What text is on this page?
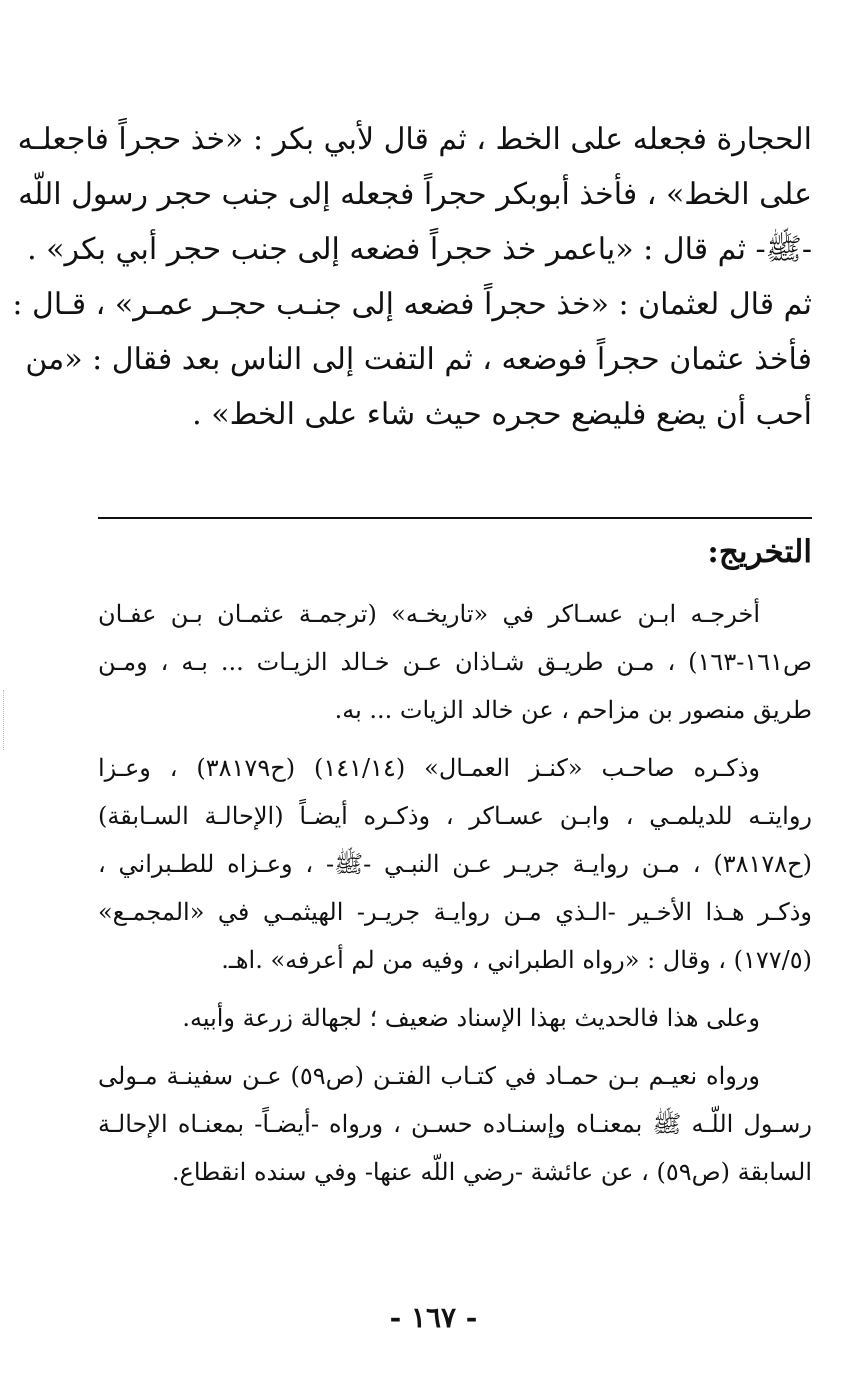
الحجارة فجعله على الخط ، ثم قال لأبي بكر : «خذ حجراً فاجعلـه
على الخط» ، فأخذ أبوبكر حجراً فجعله إلى جنب حجر رسول اللّه
-ﷺ- ثم قال : «ياعمر خذ حجراً فضعه إلى جنب حجر أبي بكر» .
ثم قال لعثمان : «خذ حجراً فضعه إلى جنـب حجـر عمـر» ، قـال :
فأخذ عثمان حجراً فوضعه ، ثم التفت إلى الناس بعد فقال : «من
أحب أن يضع فليضع حجره حيث شاء على الخط» .
التخريج:
أخرجـه ابـن عسـاكر في «تاريخـه» (ترجمـة عثمـان بـن عفـان
ص١٦١-١٦٣) ، مـن طريـق شـاذان عـن خـالد الزيـات ... بـه ، ومـن
طريق منصور بن مزاحم ، عن خالد الزيات ... به.
وذكـره صاحـب «كنـز العمـال» (١٤١/١٤) (ح٣٨١٧٩) ، وعـزا
روايتـه للديلمـي ، وابـن عسـاكر ، وذكـره أيضـاً (الإحالـة السـابقة)
(ح٣٨١٧٨) ، مـن روايـة جريـر عـن النبـي -ﷺ- ، وعـزاه للطـبراني ،
وذكـر هـذا الأخـير -الـذي مـن روايـة جريـر- الهيثمـي في «المجمـع»
(١٧٧/٥) ، وقال : «رواه الطبراني ، وفيه من لم أعرفه» .اهـ.
وعلى هذا فالحديث بهذا الإسناد ضعيف ؛ لجهالة زرعة وأبيه.
ورواه نعيـم بـن حمـاد في كتـاب الفتـن (ص٥٩) عـن سفينـة مـولى
رسـول اللّـه ﷺ بمعنـاه وإسنـاده حسـن ، ورواه -أيضـاً- بمعنـاه الإحالـة
السابقة (ص٥٩) ، عن عائشة -رضي اللّه عنها- وفي سنده انقطاع.
- ١٦٧ -
